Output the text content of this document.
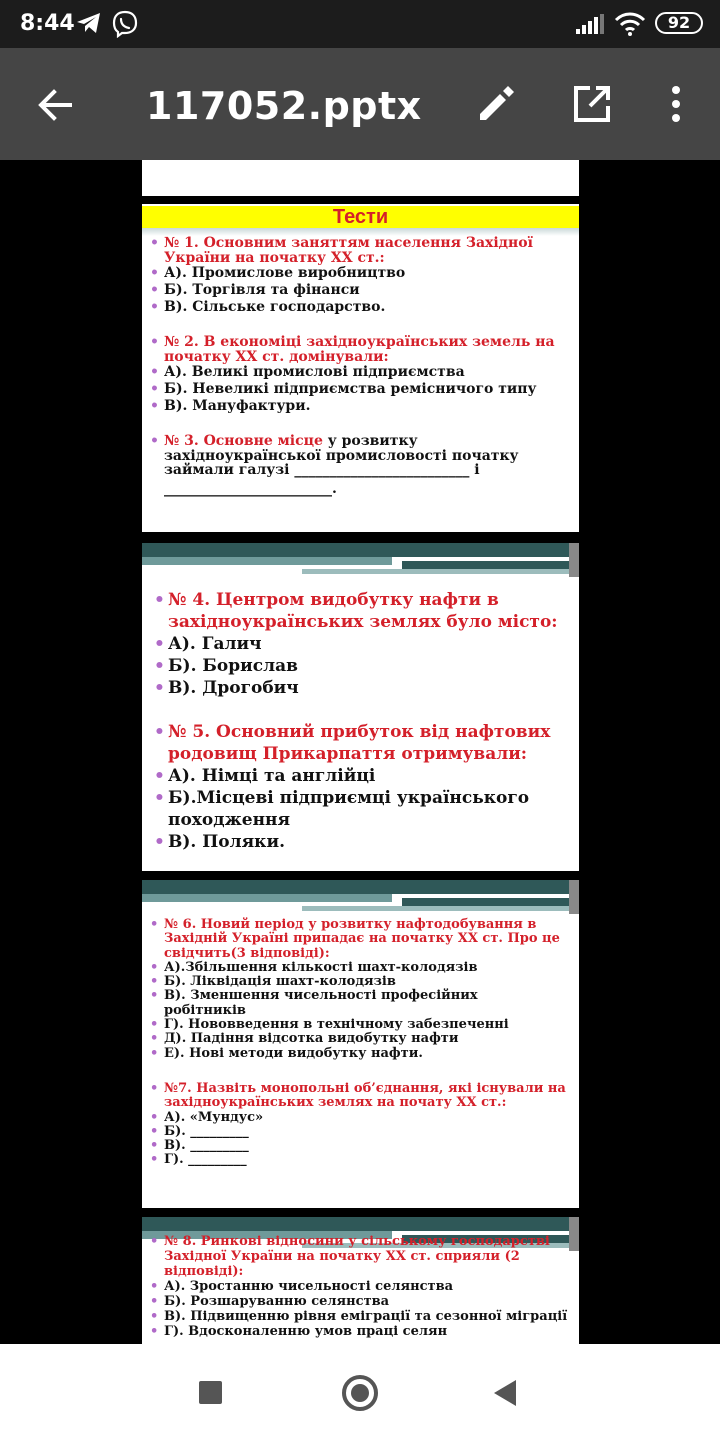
8:44	92
117052.pptx
Тести
• № 1. Основним заняттям населення Західної
України на початку ХХ ст.:
• А). Промислове виробництво
• Б). Торгівля та фінанси
• В). Сільське господарство.
• № 2. В економіці західноукраїнських земель на
початку ХХ ст. домінували:
• А). Великі промислові підприємства
• Б). Невеликі підприємства ремісничого типу
• В). Мануфактури.
• № 3. Основне місце у розвитку
західноукраїнської промисловості початку
займали галузі _________________________ і
________________________.
• № 4. Центром видобутку нафти в
західноукраїнських землях було місто:
• А). Галич
• Б). Борислав
• В). Дрогобич
• № 5. Основний прибуток від нафтових
родовищ Прикарпаття отримували:
• А). Німці та англійці
• Б).Місцеві підприємці українського
походження
• В). Поляки.
• № 6. Новий період у розвитку нафтодобування в
Західній Україні припадає на початку ХХ ст. Про це
свідчить(3 відповіді):
• А).Збільшення кількості шахт-колодязів
• Б). Ліквідація шахт-колодязів
• В). Зменшення чисельності професійних
робітників
• Г). Нововведення в технічному забезпеченні
• Д). Падіння відсотка видобутку нафти
• Е). Нові методи видобутку нафти.
• №7. Назвіть монопольні об’єднання, які існували на
західноукраїнських землях на почату ХХ ст.:
• А). «Мундус»
• Б). _________
• В). _________
• Г). _________
• № 8. Ринкові відносини у сільському господарстві
Західної України на початку ХХ ст. сприяли (2
відповіді):
• А). Зростанню чисельності селянства
• Б). Розшаруванню селянства
• В). Підвищенню рівня еміграції та сезонної міграції
• Г). Вдосконаленню умов праці селян
